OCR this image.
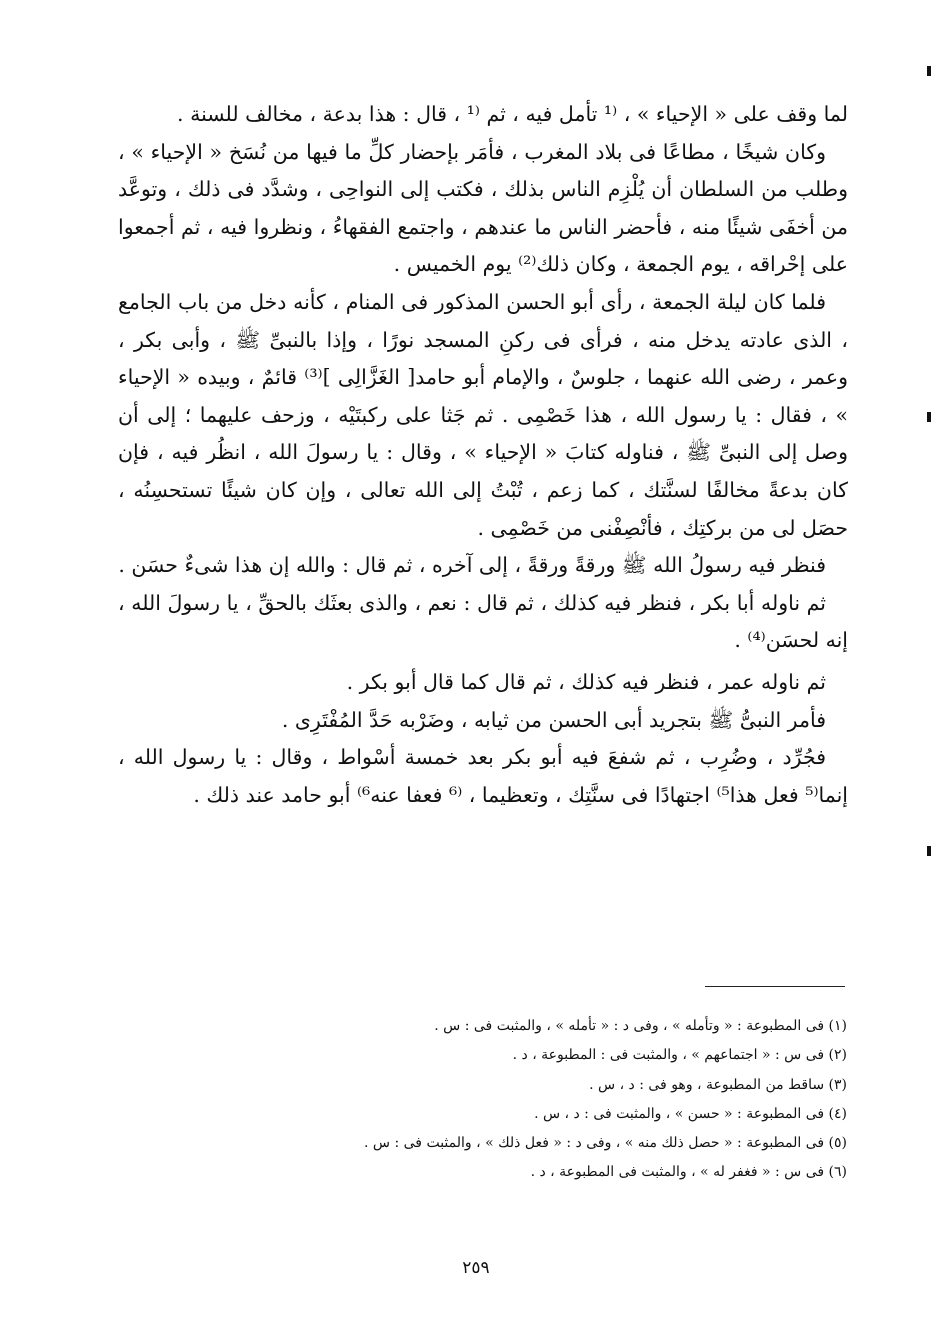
لما وقف على « الإحياء » ، ⁽¹ تأمل فيه ، ثم ⁽¹ ، قال : هذا بدعة ، مخالف للسنة .

وكان شيخًا ، مطاعًا فى بلاد المغرب ، فأمَر بإحضار كلِّ ما فيها من نُسَخ « الإحياء » ، وطلب من السلطان أن يُلْزِم الناس بذلك ، فكتب إلى النواحِى ، وشدَّد فى ذلك ، وتوعَّد من أخفَى شيئًا منه ، فأحضر الناس ما عندهم ، واجتمع الفقهاءُ ، ونظروا فيه ، ثم أجمعوا على إحْراقه ، يوم الجمعة ، وكان ذلك⁽²⁾ يوم الخميس .

فلما كان ليلة الجمعة ، رأى أبو الحسن المذكور فى المنام ، كأنه دخل من باب الجامع ، الذى عادته يدخل منه ، فرأى فى ركنِ المسجد نورًا ، وإذا بالنبىِّ ﷺ ، وأبى بكر ، وعمر ، رضى الله عنهما ، جلوسٌ ، والإمام أبو حامد[ الغَزَّالِى ]⁽³⁾ قائمٌ ، وبيده « الإحياء » ، فقال : يا رسول الله ، هذا خَصْمِى . ثم جَثا على ركبتَيْه ، وزحف عليهما ؛ إلى أن وصل إلى النبىِّ ﷺ ، فناوله كتابَ « الإحياء » ، وقال : يا رسولَ الله ، انظُر فيه ، فإن كان بدعةً مخالفًا لسنَّتك ، كما زعم ، تُبْتُ إلى الله تعالى ، وإن كان شيئًا تستحسِنُه ، حصَل لى من بركتِك ، فأنْصِفْنى من خَصْمِى .

فنظر فيه رسولُ الله ﷺ ورقةً ورقةً ، إلى آخره ، ثم قال : والله إن هذا شىءٌ حسَن .

ثم ناوله أبا بكر ، فنظر فيه كذلك ، ثم قال : نعم ، والذى بعثَك بالحقِّ ، يا رسولَ الله ، إنه لحسَن⁽⁴⁾ .

ثم ناوله عمر ، فنظر فيه كذلك ، ثم قال كما قال أبو بكر .

فأمر النبىُّ ﷺ بتجريد أبى الحسن من ثيابه ، وضَرْبه حَدَّ المُفْتَرِى .

فجُرِّد ، وضُرِب ، ثم شفعَ فيه أبو بكر بعد خمسة أسْواط ، وقال : يا رسول الله ، إنما⁽⁵ فعل هذا⁵⁾ اجتهادًا فى سنَّتِك ، وتعظيما ، ⁽⁶ فعفا عنه⁶⁾ أبو حامد عند ذلك .

(١) فى المطبوعة : « وتأمله » ، وفى د : « تأمله » ، والمثبت فى : س .

(٢) فى س : « اجتماعهم » ، والمثبت فى : المطبوعة ، د .

(٣) ساقط من المطبوعة ، وهو فى : د ، س .

(٤) فى المطبوعة : « حسن » ، والمثبت فى : د ، س .

(٥) فى المطبوعة : « حصل ذلك منه » ، وفى د : « فعل ذلك » ، والمثبت فى : س .

(٦) فى س : « فغفر له » ، والمثبت فى المطبوعة ، د .

٢٥٩
